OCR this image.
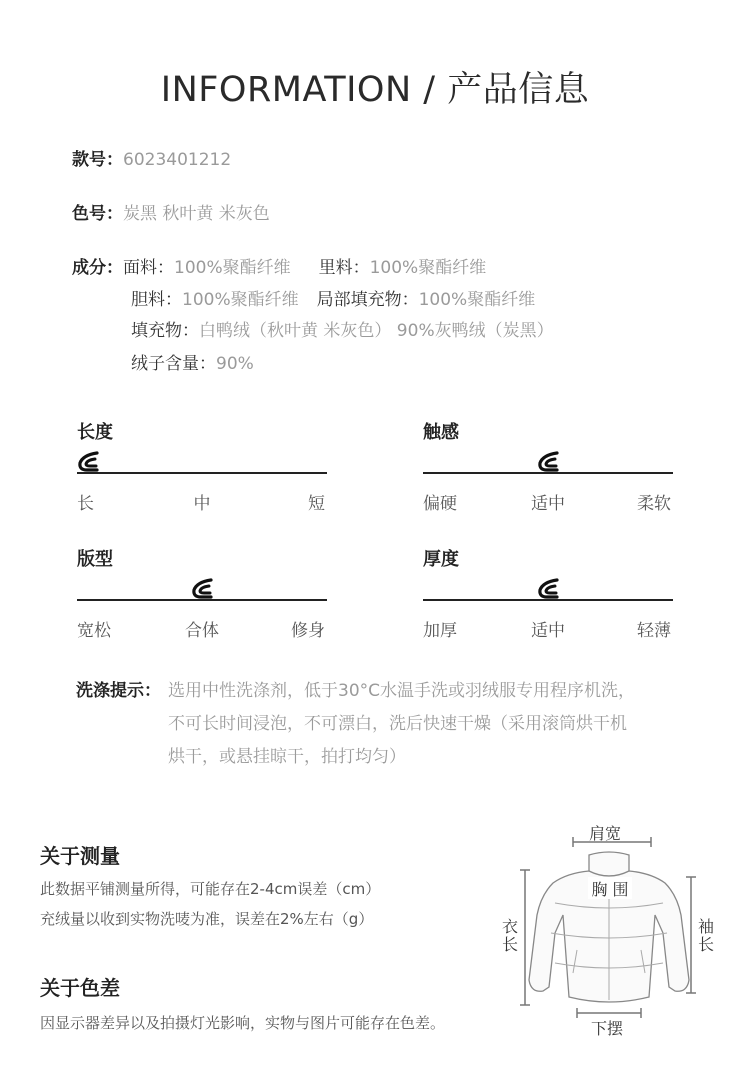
INFORMATION / 产品信息
款号：6023401212
色号：炭黑 秋叶黄 米灰色
成分：面料：100%聚酯纤维 里料：100%聚酯纤维
胆料：100%聚酯纤维 局部填充物：100%聚酯纤维
填充物：白鸭绒（秋叶黄 米灰色） 90%灰鸭绒（炭黑）
绒子含量：90%
长度
长	中	短
触感
偏硬	适中	柔软
版型
宽松	合体	修身
厚度
加厚	适中	轻薄
洗涤提示： 选用中性洗涤剂，低于30°C水温手洗或羽绒服专用程序机洗，
不可长时间浸泡，不可漂白，洗后快速干燥（采用滚筒烘干机
烘干，或悬挂晾干，拍打均匀）
关于测量
此数据平铺测量所得，可能存在2-4cm误差（cm）
充绒量以收到实物洗唛为准，误差在2%左右（g）
关于色差
因显示器差异以及拍摄灯光影响，实物与图片可能存在色差。
胸 围
肩宽
衣长
袖长
下摆
